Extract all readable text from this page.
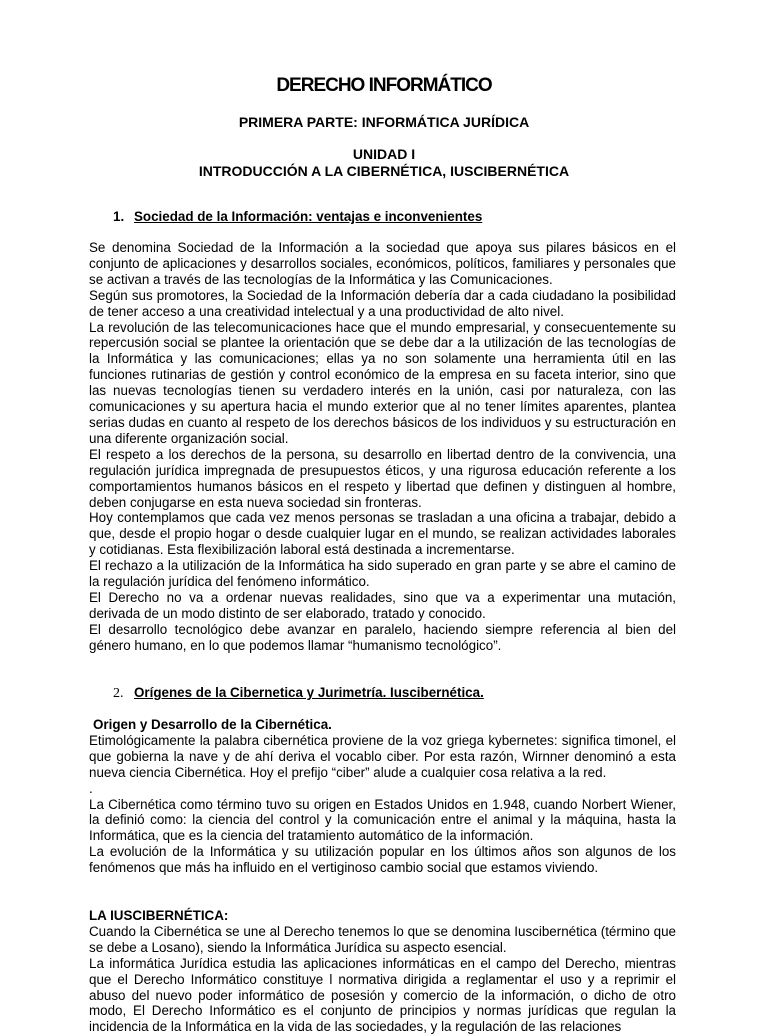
DERECHO INFORMÁTICO
PRIMERA PARTE: INFORMÁTICA JURÍDICA
UNIDAD I
INTRODUCCIÓN A LA CIBERNÉTICA, IUSCIBERNÉTICA
1. Sociedad de la Información: ventajas e inconvenientes

Se denomina Sociedad de la Información a la sociedad que apoya sus pilares básicos en el conjunto de aplicaciones y desarrollos sociales, económicos, políticos, familiares y personales que se activan a través de las tecnologías de la Informática y las Comunicaciones.

Según sus promotores, la Sociedad de la Información debería dar a cada ciudadano la posibilidad de tener acceso a una creatividad intelectual y a una productividad de alto nivel.

La revolución de las telecomunicaciones hace que el mundo empresarial, y consecuentemente su repercusión social se plantee la orientación que se debe dar a la utilización de las tecnologías de la Informática y las comunicaciones; ellas ya no son solamente una herramienta útil en las funciones rutinarias de gestión y control económico de la empresa en su faceta interior, sino que las nuevas tecnologías tienen su verdadero interés en la unión, casi por naturaleza, con las comunicaciones y su apertura hacia el mundo exterior que al no tener límites aparentes, plantea serias dudas en cuanto al respeto de los derechos básicos de los individuos y su estructuración en una diferente organización social.

El respeto a los derechos de la persona, su desarrollo en libertad dentro de la convivencia, una regulación jurídica impregnada de presupuestos éticos, y una rigurosa educación referente a los comportamientos humanos básicos en el respeto y libertad que definen y distinguen al hombre, deben conjugarse en esta nueva sociedad sin fronteras.

Hoy contemplamos que cada vez menos personas se trasladan a una oficina a trabajar, debido a que, desde el propio hogar o desde cualquier lugar en el mundo, se realizan actividades laborales y cotidianas. Esta flexibilización laboral está destinada a incrementarse.

El rechazo a la utilización de la Informática ha sido superado en gran parte y se abre el camino de la regulación jurídica del fenómeno informático.

El Derecho no va a ordenar nuevas realidades, sino que va a experimentar una mutación, derivada de un modo distinto de ser elaborado, tratado y conocido.

El desarrollo tecnológico debe avanzar en paralelo, haciendo siempre referencia al bien del género humano, en lo que podemos llamar “humanismo tecnológico”.

2. Orígenes de la Cibernetica y Jurimetría. Iuscibernética.

Origen y Desarrollo de la Cibernética.

Etimológicamente la palabra cibernética proviene de la voz griega kybernetes: significa timonel, el que gobierna la nave y de ahí deriva el vocablo ciber. Por esta razón, Wirnner denominó a esta nueva ciencia Cibernética. Hoy el prefijo “ciber” alude a cualquier cosa relativa a la red.

.

La Cibernética como término tuvo su origen en Estados Unidos en 1.948, cuando Norbert Wiener, la definió como: la ciencia del control y la comunicación entre el animal y la máquina, hasta la Informática, que es la ciencia del tratamiento automático de la información.

La evolución de la Informática y su utilización popular en los últimos años son algunos de los fenómenos que más ha influido en el vertiginoso cambio social que estamos viviendo.

LA IUSCIBERNÉTICA:

Cuando la Cibernética se une al Derecho tenemos lo que se denomina Iuscibernética (término que se debe a Losano), siendo la Informática Jurídica su aspecto esencial.

La informática Jurídica estudia las aplicaciones informáticas en el campo del Derecho, mientras que el Derecho Informático constituye l normativa dirigida a reglamentar el uso y a reprimir el abuso del nuevo poder informático de posesión y comercio de la información, o dicho de otro modo, El Derecho Informático es el conjunto de principios y normas jurídicas que regulan la incidencia de la Informática en la vida de las sociedades, y la regulación de las relaciones
